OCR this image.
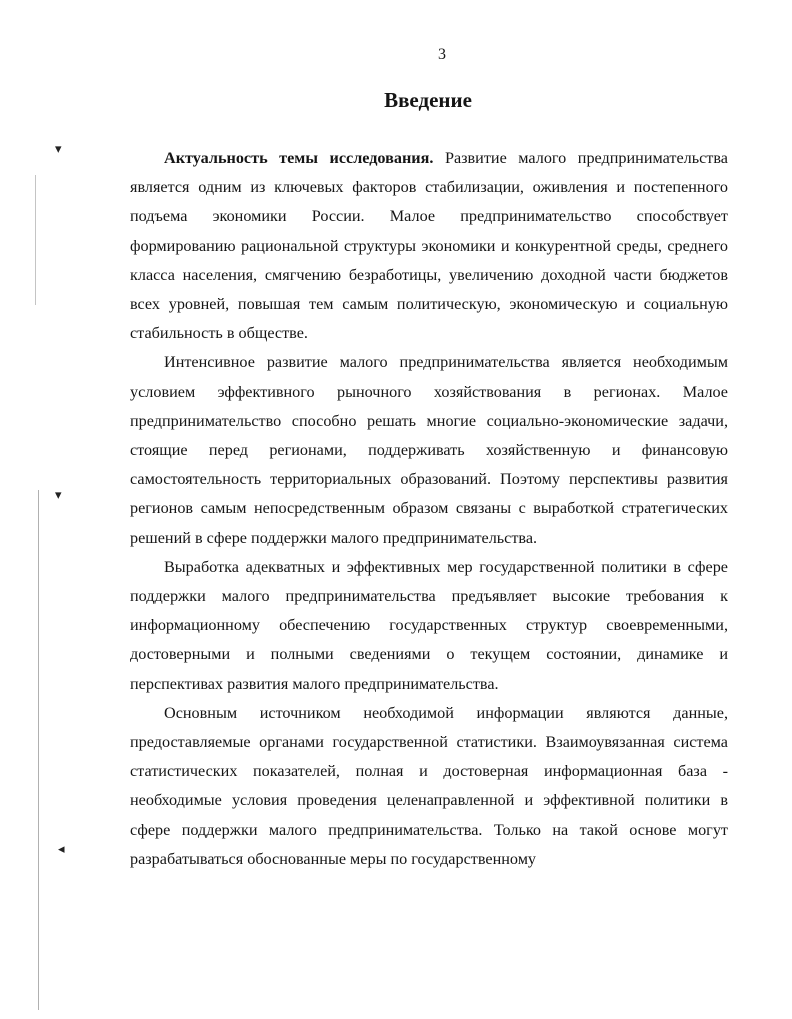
▾
▾
◂
3
Введение

Актуальность темы исследования. Развитие малого предпринимательства является одним из ключевых факторов стабилизации, оживления и постепенного подъема экономики России. Малое предпринимательство способствует формированию рациональной структуры экономики и конкурентной среды, среднего класса населения, смягчению безработицы, увеличению доходной части бюджетов всех уровней, повышая тем самым политическую, экономическую и социальную стабильность в обществе.

Интенсивное развитие малого предпринимательства является необходимым условием эффективного рыночного хозяйствования в регионах. Малое предпринимательство способно решать многие социально-экономические задачи, стоящие перед регионами, поддерживать хозяйственную и финансовую самостоятельность территориальных образований. Поэтому перспективы развития регионов самым непосредственным образом связаны с выработкой стратегических решений в сфере поддержки малого предпринимательства.

Выработка адекватных и эффективных мер государственной политики в сфере поддержки малого предпринимательства предъявляет высокие требования к информационному обеспечению государственных структур своевременными, достоверными и полными сведениями о текущем состоянии, динамике и перспективах развития малого предпринимательства.

Основным источником необходимой информации являются данные, предоставляемые органами государственной статистики. Взаимоувязанная система статистических показателей, полная и достоверная информационная база - необходимые условия проведения целенаправленной и эффективной политики в сфере поддержки малого предпринимательства. Только на такой основе могут разрабатываться обоснованные меры по государственному
